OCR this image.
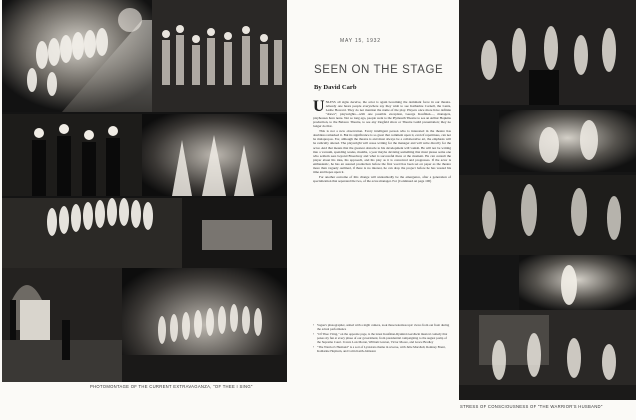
PHOTOMONTAGE OF THE CURRENT EXTRAVAGANZA, "OF THEE I SING"
MAY 15, 1932
SEEN ON THE STAGE
By David Carb

UNLESS all signs deceive, the actor is again becoming the dominant force in our theatre. Already one hears people everywhere say they wish to see Katharine Cornell, the Lunts, Leslie Howard. They do not mention the name of the play. Players once more have definite "draws"; playwrights—with one possible exception, George Kaufman—, managers, playhouses have none. Not so long ago, people went to the Plymouth Theatre to see an Arthur Hopkins production, to the Belasco Theatre, to see any Ziegfeld show or Theatre Guild presentation; they no longer do that.

This is not a new observation. Every intelligent person who is interested in the theatre has doubtless remarked it. But its significance is so great that comment upon it, even if repetitious, can not be malapropos. For, although the theatre is and must always be a collaborative art, the emphasis will be radically altered. The playwright will cease writing for the manager and will write directly for the actor. And that means that the greatest obstacle to his development will vanish. He will not be writing into a vacuum, spending weeks, months, a year maybe devising something that must please some one who seldom sees beyond Broadway and what is successful there at the moment. He can consult the player about his idea, his approach, and his play as it is conceived and progresses. If the actor is enthusiastic, he has an assured production before the first word has been set on paper as the theatre more than vaguely outlined, if there is no interest, he can drop the project before he has wasted his time and hopes upon it.

For another outcome of this change will undoubtedly be the emergence, after a generation of specialization that separated the two, of the actor-manager. For (Continued on page 100)

• Vogue's photographer, armed with a night camera, took these kaleidoscopic views from out front during the actual performance
• "Of Thee I Sing," on the opposite page, is the latest Kaufman-Ryskind-Gershwin musical comedy that pokes sly fun at every phase of our government, from presidential campaigning to the august pomp of the Supreme Court. It stars Lois Moran, William Gaxton, Victor Moore, and Grace Bradley
• "The Warrior's Husband" is a sort of Lysistrata theme in reverse, with Julie Marshall, Romney Brent, Katharine Hepburn, and Colin Keith-Johnston
STRESS OF CONSCIOUSNESS OF "THE WARRIOR'S HUSBAND"
